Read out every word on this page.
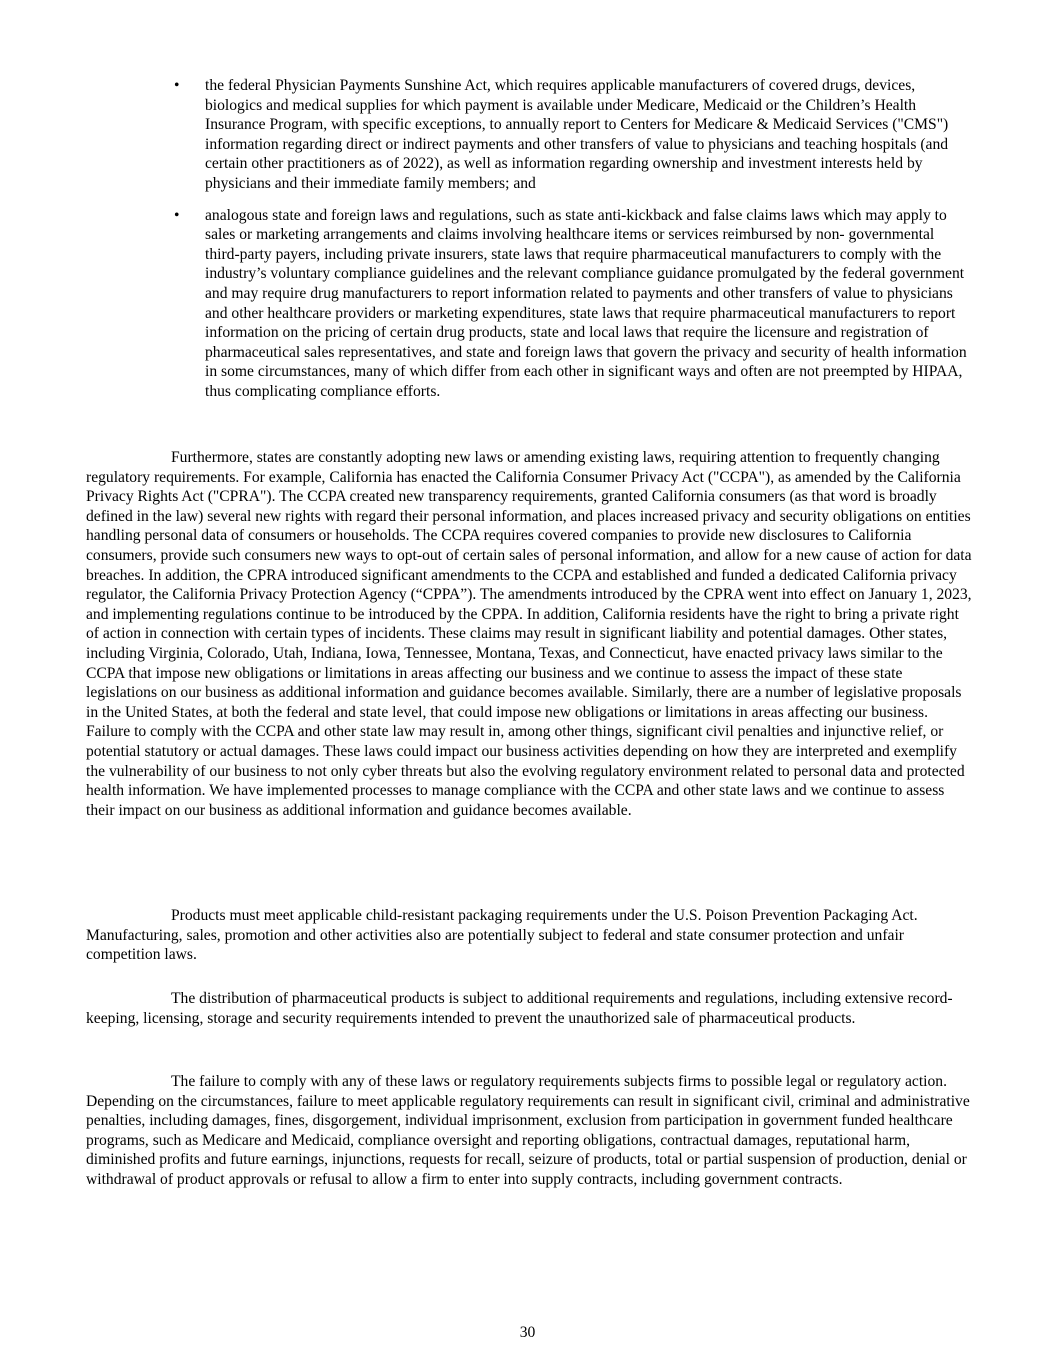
• the federal Physician Payments Sunshine Act, which requires applicable manufacturers of covered drugs, devices, biologics and medical supplies for which payment is available under Medicare, Medicaid or the Children’s Health Insurance Program, with specific exceptions, to annually report to Centers for Medicare & Medicaid Services ("CMS") information regarding direct or indirect payments and other transfers of value to physicians and teaching hospitals (and certain other practitioners as of 2022), as well as information regarding ownership and investment interests held by physicians and their immediate family members; and
• analogous state and foreign laws and regulations, such as state anti-kickback and false claims laws which may apply to sales or marketing arrangements and claims involving healthcare items or services reimbursed by non- governmental third-party payers, including private insurers, state laws that require pharmaceutical manufacturers to comply with the industry’s voluntary compliance guidelines and the relevant compliance guidance promulgated by the federal government and may require drug manufacturers to report information related to payments and other transfers of value to physicians and other healthcare providers or marketing expenditures, state laws that require pharmaceutical manufacturers to report information on the pricing of certain drug products, state and local laws that require the licensure and registration of pharmaceutical sales representatives, and state and foreign laws that govern the privacy and security of health information in some circumstances, many of which differ from each other in significant ways and often are not preempted by HIPAA, thus complicating compliance efforts.

Furthermore, states are constantly adopting new laws or amending existing laws, requiring attention to frequently changing regulatory requirements. For example, California has enacted the California Consumer Privacy Act ("CCPA"), as amended by the California Privacy Rights Act ("CPRA"). The CCPA created new transparency requirements, granted California consumers (as that word is broadly defined in the law) several new rights with regard their personal information, and places increased privacy and security obligations on entities handling personal data of consumers or households. The CCPA requires covered companies to provide new disclosures to California consumers, provide such consumers new ways to opt-out of certain sales of personal information, and allow for a new cause of action for data breaches. In addition, the CPRA introduced significant amendments to the CCPA and established and funded a dedicated California privacy regulator, the California Privacy Protection Agency (“CPPA”). The amendments introduced by the CPRA went into effect on January 1, 2023, and implementing regulations continue to be introduced by the CPPA. In addition, California residents have the right to bring a private right of action in connection with certain types of incidents. These claims may result in significant liability and potential damages. Other states, including Virginia, Colorado, Utah, Indiana, Iowa, Tennessee, Montana, Texas, and Connecticut, have enacted privacy laws similar to the CCPA that impose new obligations or limitations in areas affecting our business and we continue to assess the impact of these state legislations on our business as additional information and guidance becomes available. Similarly, there are a number of legislative proposals in the United States, at both the federal and state level, that could impose new obligations or limitations in areas affecting our business. Failure to comply with the CCPA and other state law may result in, among other things, significant civil penalties and injunctive relief, or potential statutory or actual damages. These laws could impact our business activities depending on how they are interpreted and exemplify the vulnerability of our business to not only cyber threats but also the evolving regulatory environment related to personal data and protected health information. We have implemented processes to manage compliance with the CCPA and other state laws and we continue to assess their impact on our business as additional information and guidance becomes available.

Products must meet applicable child-resistant packaging requirements under the U.S. Poison Prevention Packaging Act. Manufacturing, sales, promotion and other activities also are potentially subject to federal and state consumer protection and unfair competition laws.

The distribution of pharmaceutical products is subject to additional requirements and regulations, including extensive record-keeping, licensing, storage and security requirements intended to prevent the unauthorized sale of pharmaceutical products.

The failure to comply with any of these laws or regulatory requirements subjects firms to possible legal or regulatory action. Depending on the circumstances, failure to meet applicable regulatory requirements can result in significant civil, criminal and administrative penalties, including damages, fines, disgorgement, individual imprisonment, exclusion from participation in government funded healthcare programs, such as Medicare and Medicaid, compliance oversight and reporting obligations, contractual damages, reputational harm, diminished profits and future earnings, injunctions, requests for recall, seizure of products, total or partial suspension of production, denial or withdrawal of product approvals or refusal to allow a firm to enter into supply contracts, including government contracts.

30
